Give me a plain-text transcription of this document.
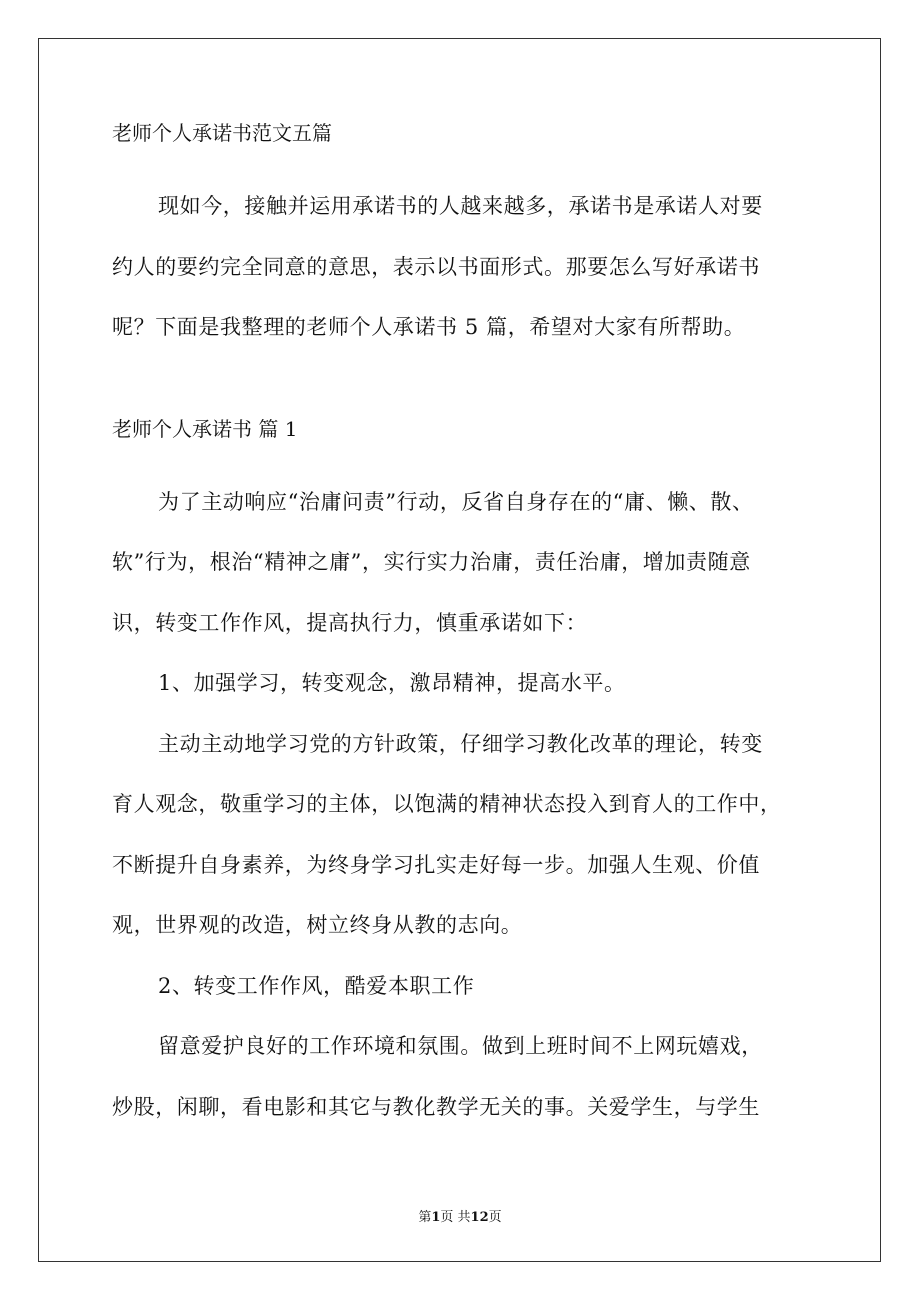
老师个人承诺书范文五篇

现如今，接触并运用承诺书的人越来越多，承诺书是承诺人对要

约人的要约完全同意的意思，表示以书面形式。那要怎么写好承诺书

呢？下面是我整理的老师个人承诺书 5 篇，希望对大家有所帮助。

老师个人承诺书 篇 1

为了主动响应“治庸问责”行动，反省自身存在的“庸、懒、散、

软”行为，根治“精神之庸”，实行实力治庸，责任治庸，增加责随意

识，转变工作作风，提高执行力，慎重承诺如下：

1、加强学习，转变观念，激昂精神，提高水平。

主动主动地学习党的方针政策，仔细学习教化改革的理论，转变

育人观念，敬重学习的主体，以饱满的精神状态投入到育人的工作中，

不断提升自身素养，为终身学习扎实走好每一步。加强人生观、价值

观，世界观的改造，树立终身从教的志向。

2、转变工作作风，酷爱本职工作

留意爱护良好的工作环境和氛围。做到上班时间不上网玩嬉戏，

炒股，闲聊，看电影和其它与教化教学无关的事。关爱学生，与学生

第1页 共12页
